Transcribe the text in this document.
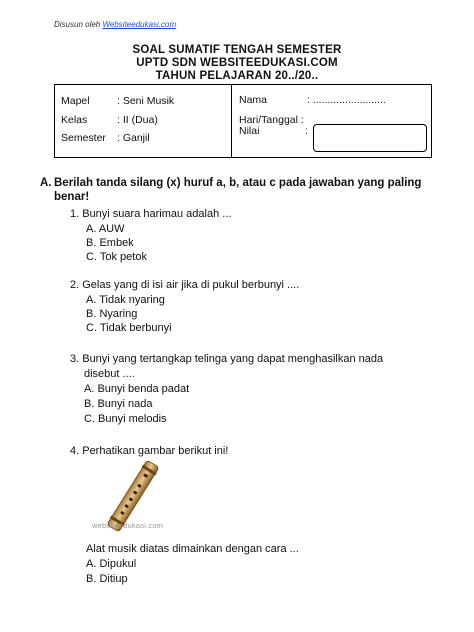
Disusun oleh Websiteedukasi.com
SOAL SUMATIF TENGAH SEMESTER
UPTD SDN WEBSITEEDUKASI.COM
TAHUN PELAJARAN 20../20..
Mapel	: Seni Musik
Kelas	: II (Dua)
Semester : Ganjil
Nama	: .........................
Hari/Tanggal :
Nilai	:
A. Berilah tanda silang (x) huruf a, b, atau c pada jawaban yang paling benar!
1. Bunyi suara harimau adalah ...
A. AUW
B. Embek
C. Tok petok
2. Gelas yang di isi air jika di pukul berbunyi ....
A. Tidak nyaring
B. Nyaring
C. Tidak berbunyi
3. Bunyi yang tertangkap telinga yang dapat menghasilkan nada
disebut ....
A. Bunyi benda padat
B. Bunyi nada
C. Bunyi melodis
4. Perhatikan gambar berikut ini!
websiteedukasi.com
Alat musik diatas dimainkan dengan cara ...
A. Dipukul
B. Ditiup
